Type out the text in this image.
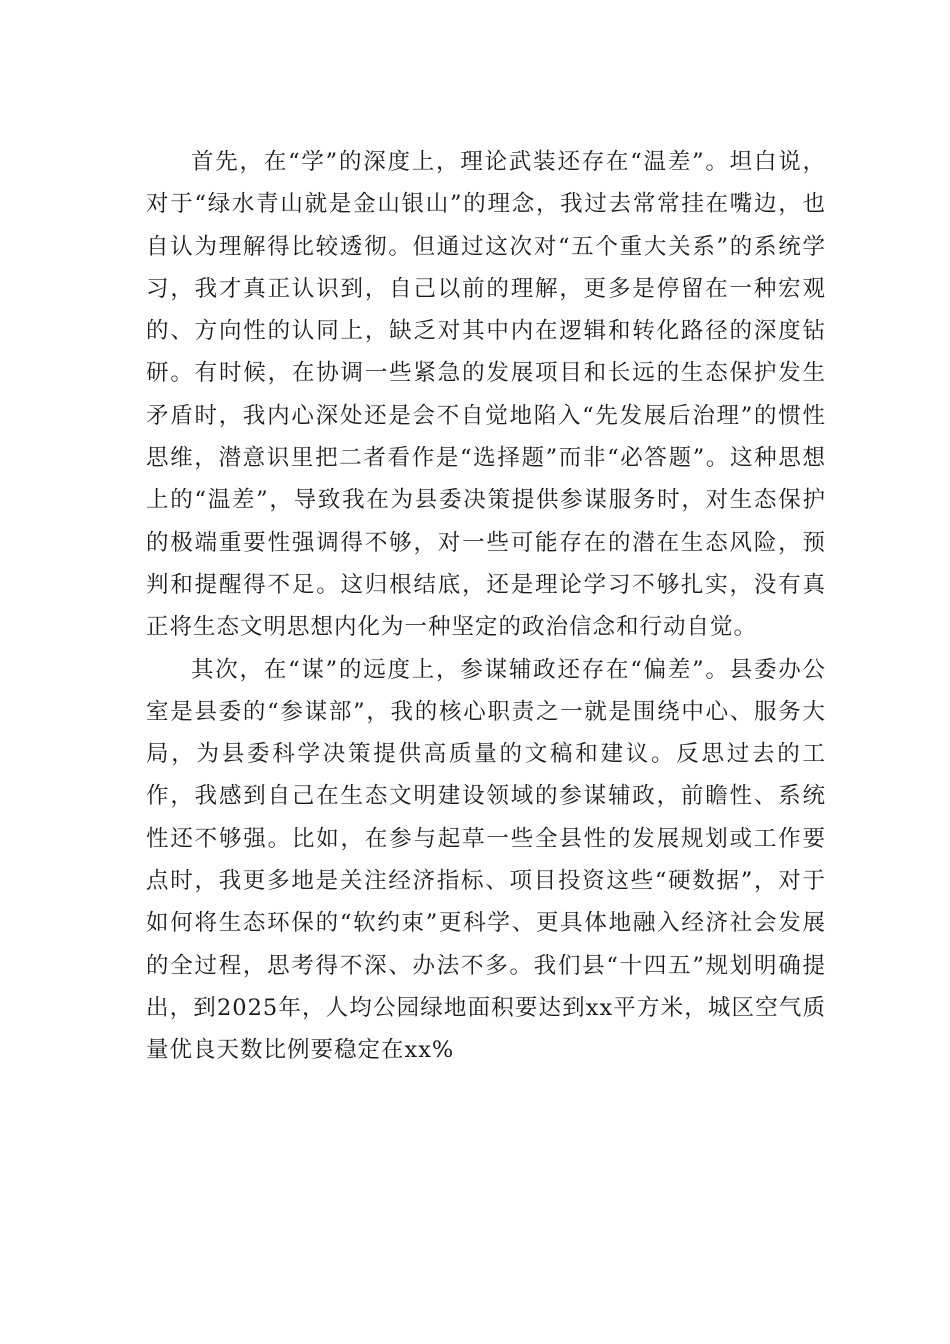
首先，在“学”的深度上，理论武装还存在“温差”。坦白说，对于“绿水青山就是金山银山”的理念，我过去常常挂在嘴边，也自认为理解得比较透彻。但通过这次对“五个重大关系”的系统学习，我才真正认识到，自己以前的理解，更多是停留在一种宏观的、方向性的认同上，缺乏对其中内在逻辑和转化路径的深度钻研。有时候，在协调一些紧急的发展项目和长远的生态保护发生矛盾时，我内心深处还是会不自觉地陷入“先发展后治理”的惯性思维，潜意识里把二者看作是“选择题”而非“必答题”。这种思想上的“温差”，导致我在为县委决策提供参谋服务时，对生态保护的极端重要性强调得不够，对一些可能存在的潜在生态风险，预判和提醒得不足。这归根结底，还是理论学习不够扎实，没有真正将生态文明思想内化为一种坚定的政治信念和行动自觉。

其次，在“谋”的远度上，参谋辅政还存在“偏差”。县委办公室是县委的“参谋部”，我的核心职责之一就是围绕中心、服务大局，为县委科学决策提供高质量的文稿和建议。反思过去的工作，我感到自己在生态文明建设领域的参谋辅政，前瞻性、系统性还不够强。比如，在参与起草一些全县性的发展规划或工作要点时，我更多地是关注经济指标、项目投资这些“硬数据”，对于如何将生态环保的“软约束”更科学、更具体地融入经济社会发展的全过程，思考得不深、办法不多。我们县“十四五”规划明确提出，到2025年，人均公园绿地面积要达到xx平方米，城区空气质量优良天数比例要稳定在xx%
